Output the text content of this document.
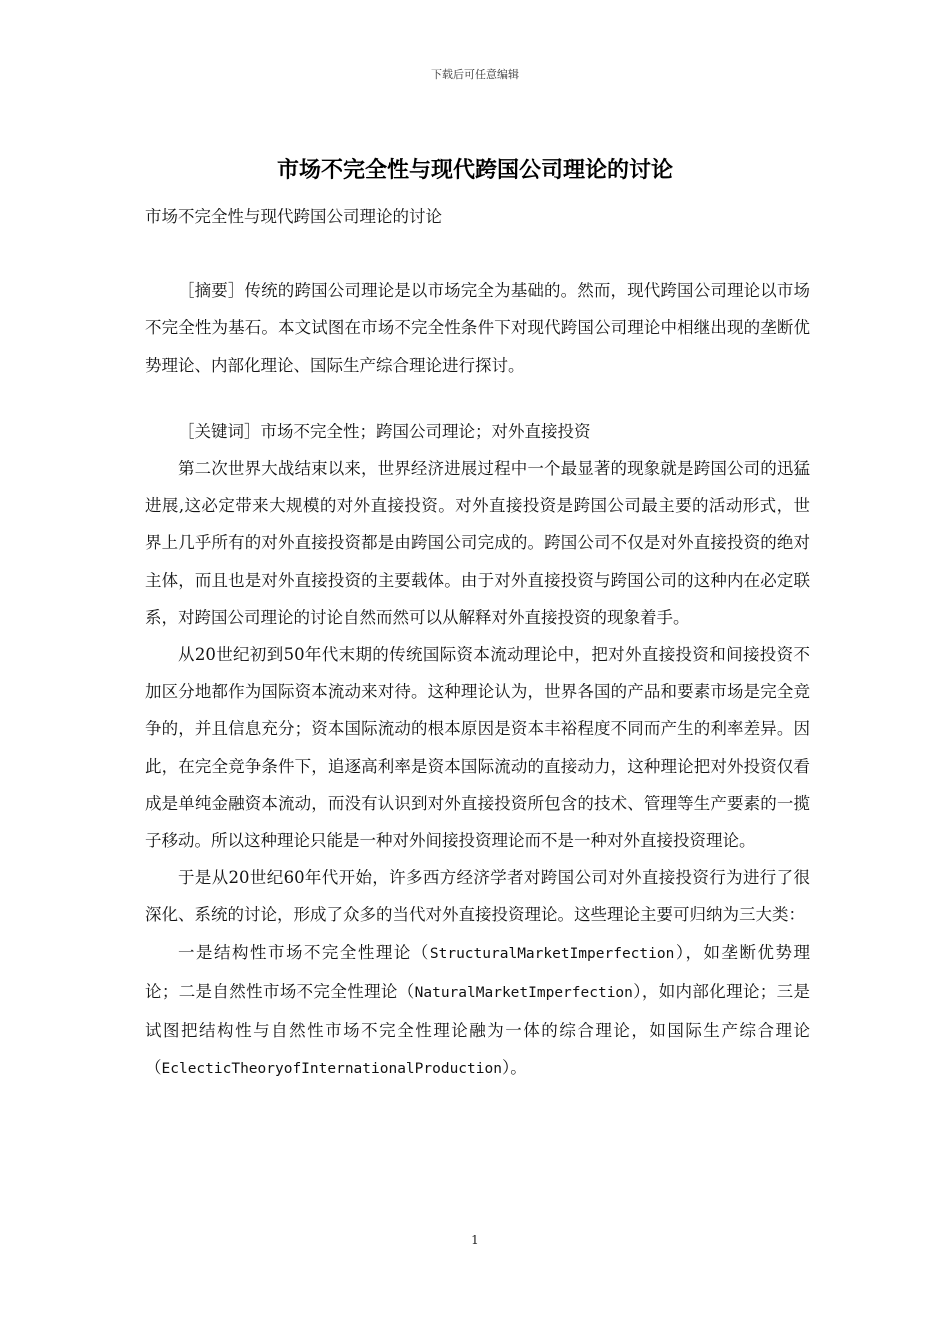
下载后可任意编辑
市场不完全性与现代跨国公司理论的讨论

市场不完全性与现代跨国公司理论的讨论

［摘要］传统的跨国公司理论是以市场完全为基础的。然而，现代跨国公司理论以市场不完全性为基石。本文试图在市场不完全性条件下对现代跨国公司理论中相继出现的垄断优势理论、内部化理论、国际生产综合理论进行探讨。

［关键词］市场不完全性；跨国公司理论；对外直接投资

第二次世界大战结束以来，世界经济进展过程中一个最显著的现象就是跨国公司的迅猛进展,这必定带来大规模的对外直接投资。对外直接投资是跨国公司最主要的活动形式，世界上几乎所有的对外直接投资都是由跨国公司完成的。跨国公司不仅是对外直接投资的绝对主体，而且也是对外直接投资的主要载体。由于对外直接投资与跨国公司的这种内在必定联系，对跨国公司理论的讨论自然而然可以从解释对外直接投资的现象着手。

从20世纪初到50年代末期的传统国际资本流动理论中，把对外直接投资和间接投资不加区分地都作为国际资本流动来对待。这种理论认为，世界各国的产品和要素市场是完全竞争的，并且信息充分；资本国际流动的根本原因是资本丰裕程度不同而产生的利率差异。因此，在完全竞争条件下，追逐高利率是资本国际流动的直接动力，这种理论把对外投资仅看成是单纯金融资本流动，而没有认识到对外直接投资所包含的技术、管理等生产要素的一揽子移动。所以这种理论只能是一种对外间接投资理论而不是一种对外直接投资理论。

于是从20世纪60年代开始，许多西方经济学者对跨国公司对外直接投资行为进行了很深化、系统的讨论，形成了众多的当代对外直接投资理论。这些理论主要可归纳为三大类：

一是结构性市场不完全性理论（StructuralMarketImperfection），如垄断优势理论；二是自然性市场不完全性理论（NaturalMarketImperfection），如内部化理论；三是试图把结构性与自然性市场不完全性理论融为一体的综合理论，如国际生产综合理论（EclecticTheoryofInternationalProduction）。

1
